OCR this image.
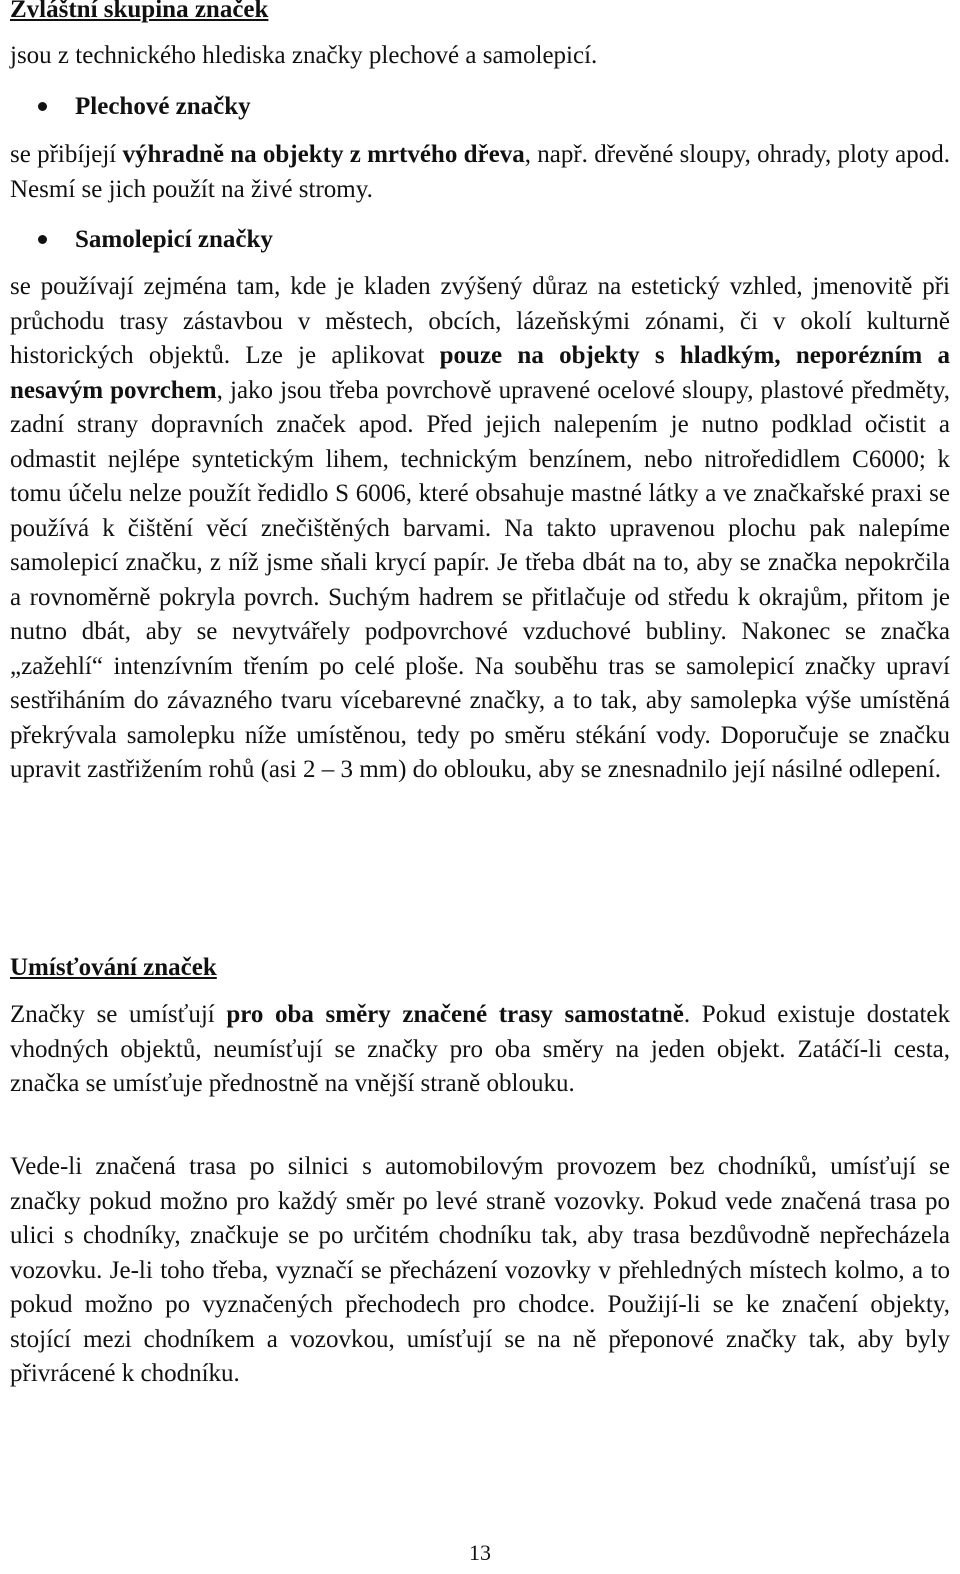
Zvláštní skupina značek
jsou z technického hlediska značky plechové a samolepicí.
Plechové značky

se přibíjejí výhradně na objekty z mrtvého dřeva, např. dřevěné sloupy, ohrady, ploty apod. Nesmí se jich použít na živé stromy.

Samolepicí značky

se používají zejména tam, kde je kladen zvýšený důraz na estetický vzhled, jmenovitě při průchodu trasy zástavbou v městech, obcích, lázeňskými zónami, či v okolí kulturně historických objektů. Lze je aplikovat pouze na objekty s hladkým, neporézním a nesavým povrchem, jako jsou třeba povrchově upravené ocelové sloupy, plastové předměty, zadní strany dopravních značek apod. Před jejich nalepením je nutno podklad očistit a odmastit nejlépe syntetickým lihem, technickým benzínem, nebo nitroředidlem C6000; k tomu účelu nelze použít ředidlo S 6006, které obsahuje mastné látky a ve značkařské praxi se používá k čištění věcí znečištěných barvami. Na takto upravenou plochu pak nalepíme samolepicí značku, z níž jsme sňali krycí papír. Je třeba dbát na to, aby se značka nepokrčila a rovnoměrně pokryla povrch. Suchým hadrem se přitlačuje od středu k okrajům, přitom je nutno dbát, aby se nevytvářely podpovrchové vzduchové bubliny. Nakonec se značka „zažehlí“ intenzívním třením po celé ploše. Na souběhu tras se samolepicí značky upraví sestřiháním do závazného tvaru vícebarevné značky, a to tak, aby samolepka výše umístěná překrývala samolepku níže umístěnou, tedy po směru stékání vody. Doporučuje se značku upravit zastřižením rohů (asi 2 – 3 mm) do oblouku, aby se znesnadnilo její násilné odlepení.

Umísťování značek

Značky se umísťují pro oba směry značené trasy samostatně. Pokud existuje dostatek vhodných objektů, neumísťují se značky pro oba směry na jeden objekt. Zatáčí-li cesta, značka se umísťuje přednostně na vnější straně oblouku.

Vede-li značená trasa po silnici s automobilovým provozem bez chodníků, umísťují se značky pokud možno pro každý směr po levé straně vozovky. Pokud vede značená trasa po ulici s chodníky, značkuje se po určitém chodníku tak, aby trasa bezdůvodně nepřecházela vozovku. Je-li toho třeba, vyznačí se přecházení vozovky v přehledných místech kolmo, a to pokud možno po vyznačených přechodech pro chodce. Použijí-li se ke značení objekty, stojící mezi chodníkem a vozovkou, umísťují se na ně přeponové značky tak, aby byly přivrácené k chodníku.

13
